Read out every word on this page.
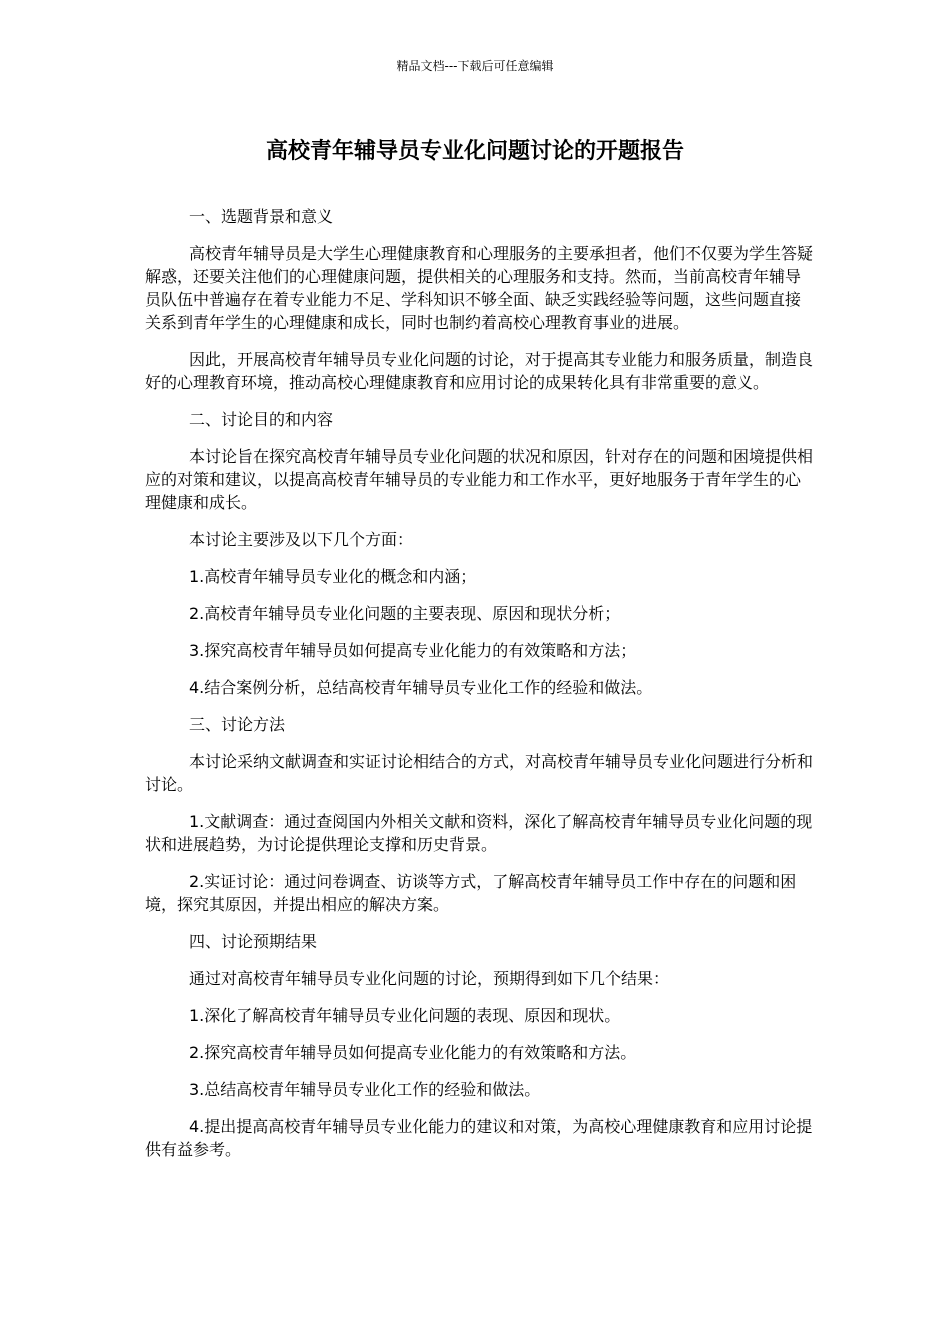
精品文档---下载后可任意编辑
高校青年辅导员专业化问题讨论的开题报告

一、选题背景和意义

高校青年辅导员是大学生心理健康教育和心理服务的主要承担者，他们不仅要为学生答疑解惑，还要关注他们的心理健康问题，提供相关的心理服务和支持。然而，当前高校青年辅导员队伍中普遍存在着专业能力不足、学科知识不够全面、缺乏实践经验等问题，这些问题直接关系到青年学生的心理健康和成长，同时也制约着高校心理教育事业的进展。

因此，开展高校青年辅导员专业化问题的讨论，对于提高其专业能力和服务质量，制造良好的心理教育环境，推动高校心理健康教育和应用讨论的成果转化具有非常重要的意义。

二、讨论目的和内容

本讨论旨在探究高校青年辅导员专业化问题的状况和原因，针对存在的问题和困境提供相应的对策和建议，以提高高校青年辅导员的专业能力和工作水平，更好地服务于青年学生的心理健康和成长。

本讨论主要涉及以下几个方面：

1.高校青年辅导员专业化的概念和内涵；

2.高校青年辅导员专业化问题的主要表现、原因和现状分析；

3.探究高校青年辅导员如何提高专业化能力的有效策略和方法；

4.结合案例分析，总结高校青年辅导员专业化工作的经验和做法。

三、讨论方法

本讨论采纳文献调查和实证讨论相结合的方式，对高校青年辅导员专业化问题进行分析和讨论。

1.文献调查：通过查阅国内外相关文献和资料，深化了解高校青年辅导员专业化问题的现状和进展趋势，为讨论提供理论支撑和历史背景。

2.实证讨论：通过问卷调查、访谈等方式，了解高校青年辅导员工作中存在的问题和困境，探究其原因，并提出相应的解决方案。

四、讨论预期结果

通过对高校青年辅导员专业化问题的讨论，预期得到如下几个结果：

1.深化了解高校青年辅导员专业化问题的表现、原因和现状。

2.探究高校青年辅导员如何提高专业化能力的有效策略和方法。

3.总结高校青年辅导员专业化工作的经验和做法。

4.提出提高高校青年辅导员专业化能力的建议和对策，为高校心理健康教育和应用讨论提供有益参考。
